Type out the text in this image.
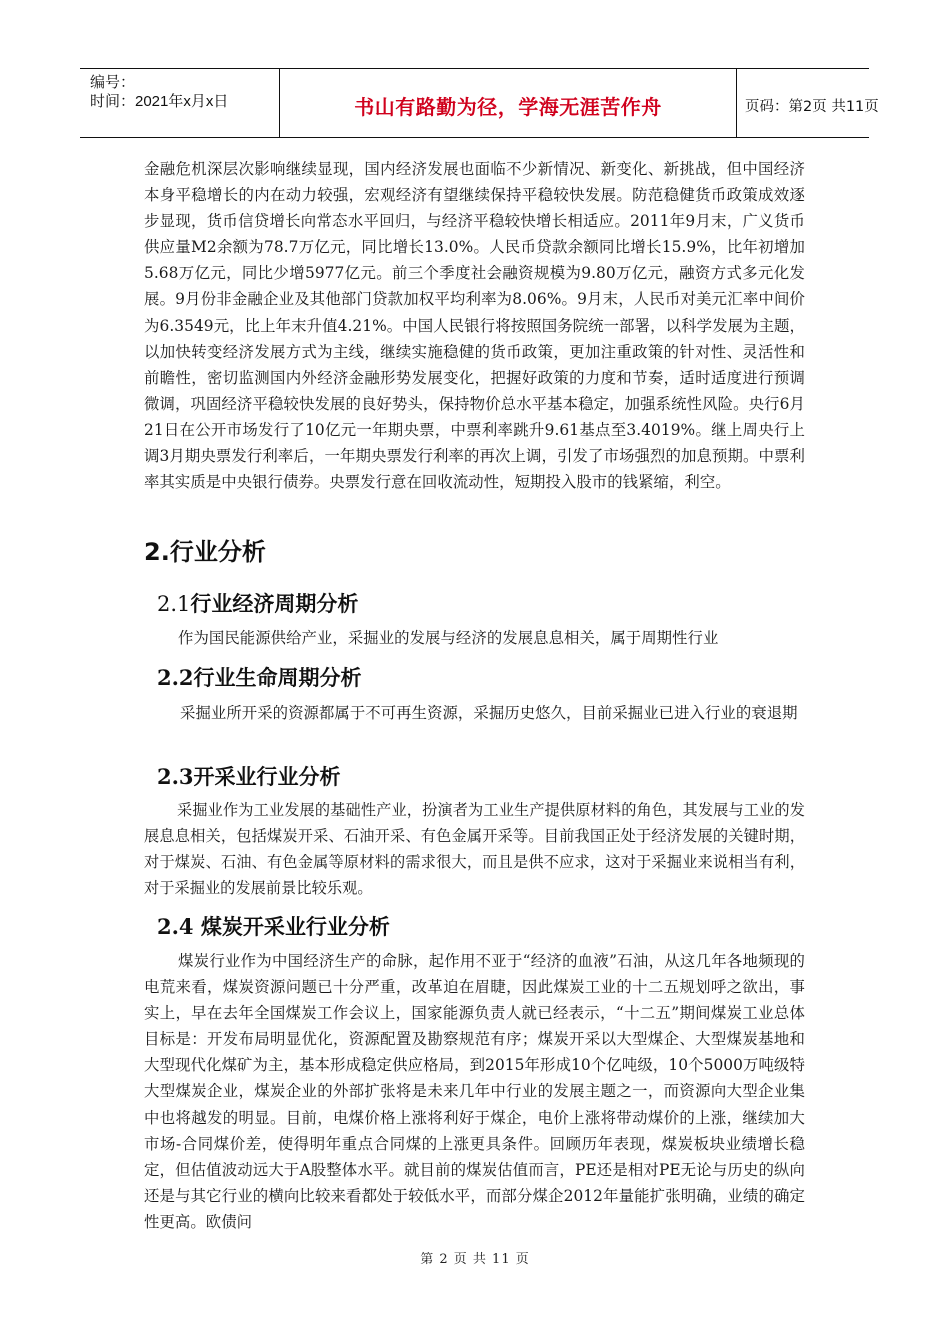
编号：
时间：2021年x月x日	书山有路勤为径，学海无涯苦作舟	页码：第2页 共11页
金融危机深层次影响继续显现，国内经济发展也面临不少新情况、新变化、新挑战，但中国经济本身平稳增长的内在动力较强，宏观经济有望继续保持平稳较快发展。防范稳健货币政策成效逐步显现，货币信贷增长向常态水平回归，与经济平稳较快增长相适应。2011年9月末，广义货币供应量M2余额为78.7万亿元，同比增长13.0%。人民币贷款余额同比增长15.9%，比年初增加5.68万亿元，同比少增5977亿元。前三个季度社会融资规模为9.80万亿元，融资方式多元化发展。9月份非金融企业及其他部门贷款加权平均利率为8.06%。9月末，人民币对美元汇率中间价为6.3549元，比上年末升值4.21%。中国人民银行将按照国务院统一部署，以科学发展为主题，以加快转变经济发展方式为主线，继续实施稳健的货币政策，更加注重政策的针对性、灵活性和前瞻性，密切监测国内外经济金融形势发展变化，把握好政策的力度和节奏，适时适度进行预调微调，巩固经济平稳较快发展的良好势头，保持物价总水平基本稳定，加强系统性风险。央行6月21日在公开市场发行了10亿元一年期央票，中票利率跳升9.61基点至3.4019%。继上周央行上调3月期央票发行利率后，一年期央票发行利率的再次上调，引发了市场强烈的加息预期。中票利率其实质是中央银行债券。央票发行意在回收流动性，短期投入股市的钱紧缩，利空。
2.行业分析
2.1行业经济周期分析
作为国民能源供给产业，采掘业的发展与经济的发展息息相关，属于周期性行业
2.2行业生命周期分析
采掘业所开采的资源都属于不可再生资源，采掘历史悠久，目前采掘业已进入行业的衰退期
2.3开采业行业分析
采掘业作为工业发展的基础性产业，扮演者为工业生产提供原材料的角色，其发展与工业的发展息息相关，包括煤炭开采、石油开采、有色金属开采等。目前我国正处于经济发展的关键时期，对于煤炭、石油、有色金属等原材料的需求很大，而且是供不应求，这对于采掘业来说相当有利，对于采掘业的发展前景比较乐观。
2.4 煤炭开采业行业分析
煤炭行业作为中国经济生产的命脉，起作用不亚于“经济的血液”石油，从这几年各地频现的电荒来看，煤炭资源问题已十分严重，改革迫在眉睫，因此煤炭工业的十二五规划呼之欲出，事实上，早在去年全国煤炭工作会议上，国家能源负责人就已经表示，“十二五”期间煤炭工业总体目标是：开发布局明显优化，资源配置及勘察规范有序；煤炭开采以大型煤企、大型煤炭基地和大型现代化煤矿为主，基本形成稳定供应格局，到2015年形成10个亿吨级，10个5000万吨级特大型煤炭企业，煤炭企业的外部扩张将是未来几年中行业的发展主题之一，而资源向大型企业集中也将越发的明显。目前，电煤价格上涨将利好于煤企，电价上涨将带动煤价的上涨，继续加大市场-合同煤价差，使得明年重点合同煤的上涨更具条件。回顾历年表现，煤炭板块业绩增长稳定，但估值波动远大于A股整体水平。就目前的煤炭估值而言，PE还是相对PE无论与历史的纵向还是与其它行业的横向比较来看都处于较低水平，而部分煤企2012年量能扩张明确，业绩的确定性更高。欧债问
第 2 页 共 11 页
